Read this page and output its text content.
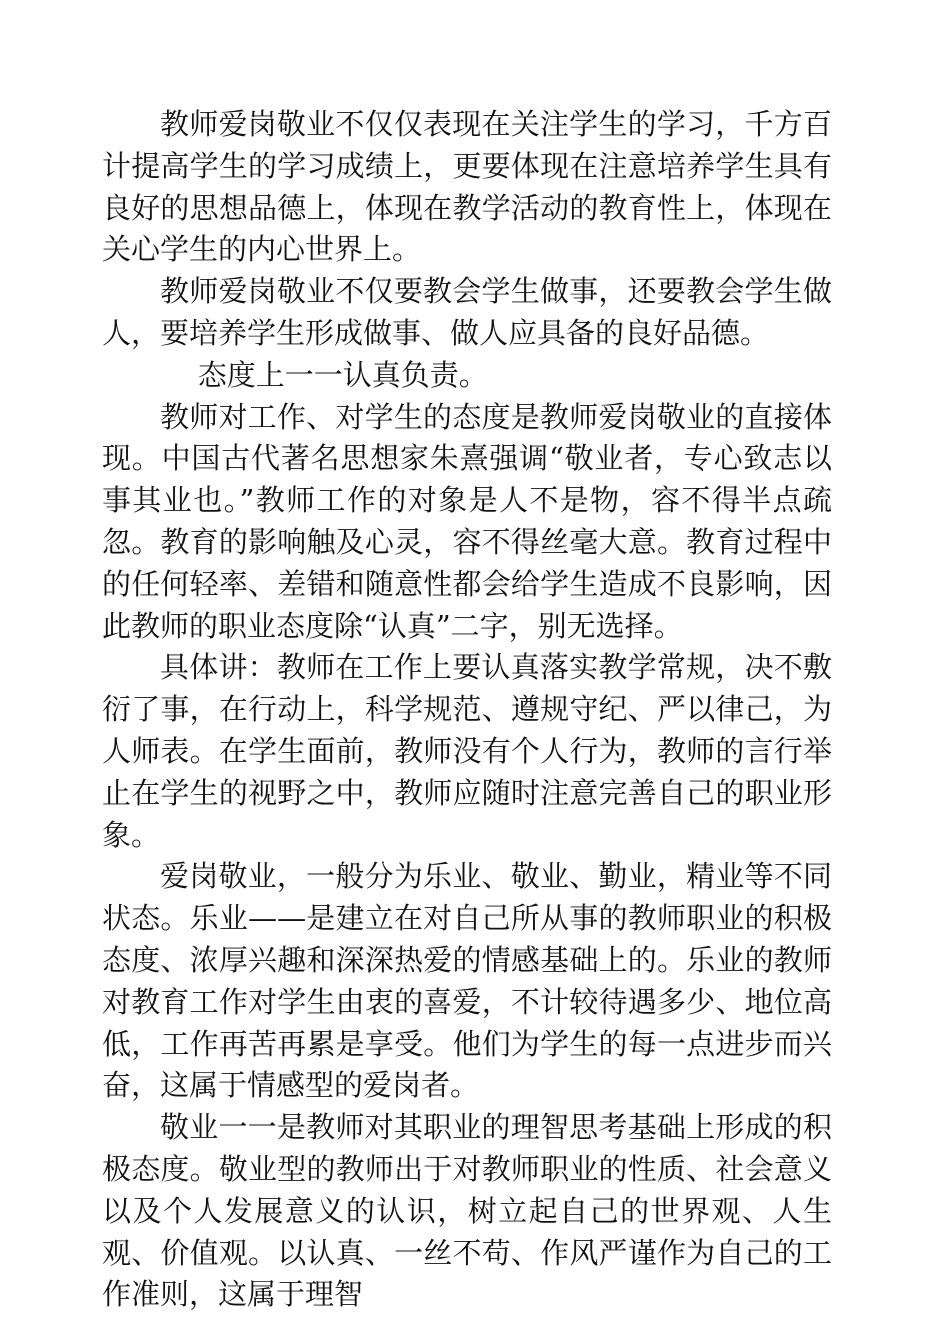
教师爱岗敬业不仅仅表现在关注学生的学习，千方百计提高学生的学习成绩上，更要体现在注意培养学生具有良好的思想品德上，体现在教学活动的教育性上，体现在关心学生的内心世界上。

教师爱岗敬业不仅要教会学生做事，还要教会学生做人，要培养学生形成做事、做人应具备的良好品德。

态度上一一认真负责。

教师对工作、对学生的态度是教师爱岗敬业的直接体现。中国古代著名思想家朱熹强调“敬业者，专心致志以事其业也。”教师工作的对象是人不是物，容不得半点疏忽。教育的影响触及心灵，容不得丝毫大意。教育过程中的任何轻率、差错和随意性都会给学生造成不良影响，因此教师的职业态度除“认真”二字，别无选择。

具体讲：教师在工作上要认真落实教学常规，决不敷衍了事，在行动上，科学规范、遵规守纪、严以律己，为人师表。在学生面前，教师没有个人行为，教师的言行举止在学生的视野之中，教师应随时注意完善自己的职业形象。

爱岗敬业，一般分为乐业、敬业、勤业，精业等不同状态。乐业——是建立在对自己所从事的教师职业的积极态度、浓厚兴趣和深深热爱的情感基础上的。乐业的教师对教育工作对学生由衷的喜爱，不计较待遇多少、地位高低，工作再苦再累是享受。他们为学生的每一点进步而兴奋，这属于情感型的爱岗者。

敬业一一是教师对其职业的理智思考基础上形成的积极态度。敬业型的教师出于对教师职业的性质、社会意义以及个人发展意义的认识，树立起自己的世界观、人生观、价值观。以认真、一丝不苟、作风严谨作为自己的工作准则，这属于理智
